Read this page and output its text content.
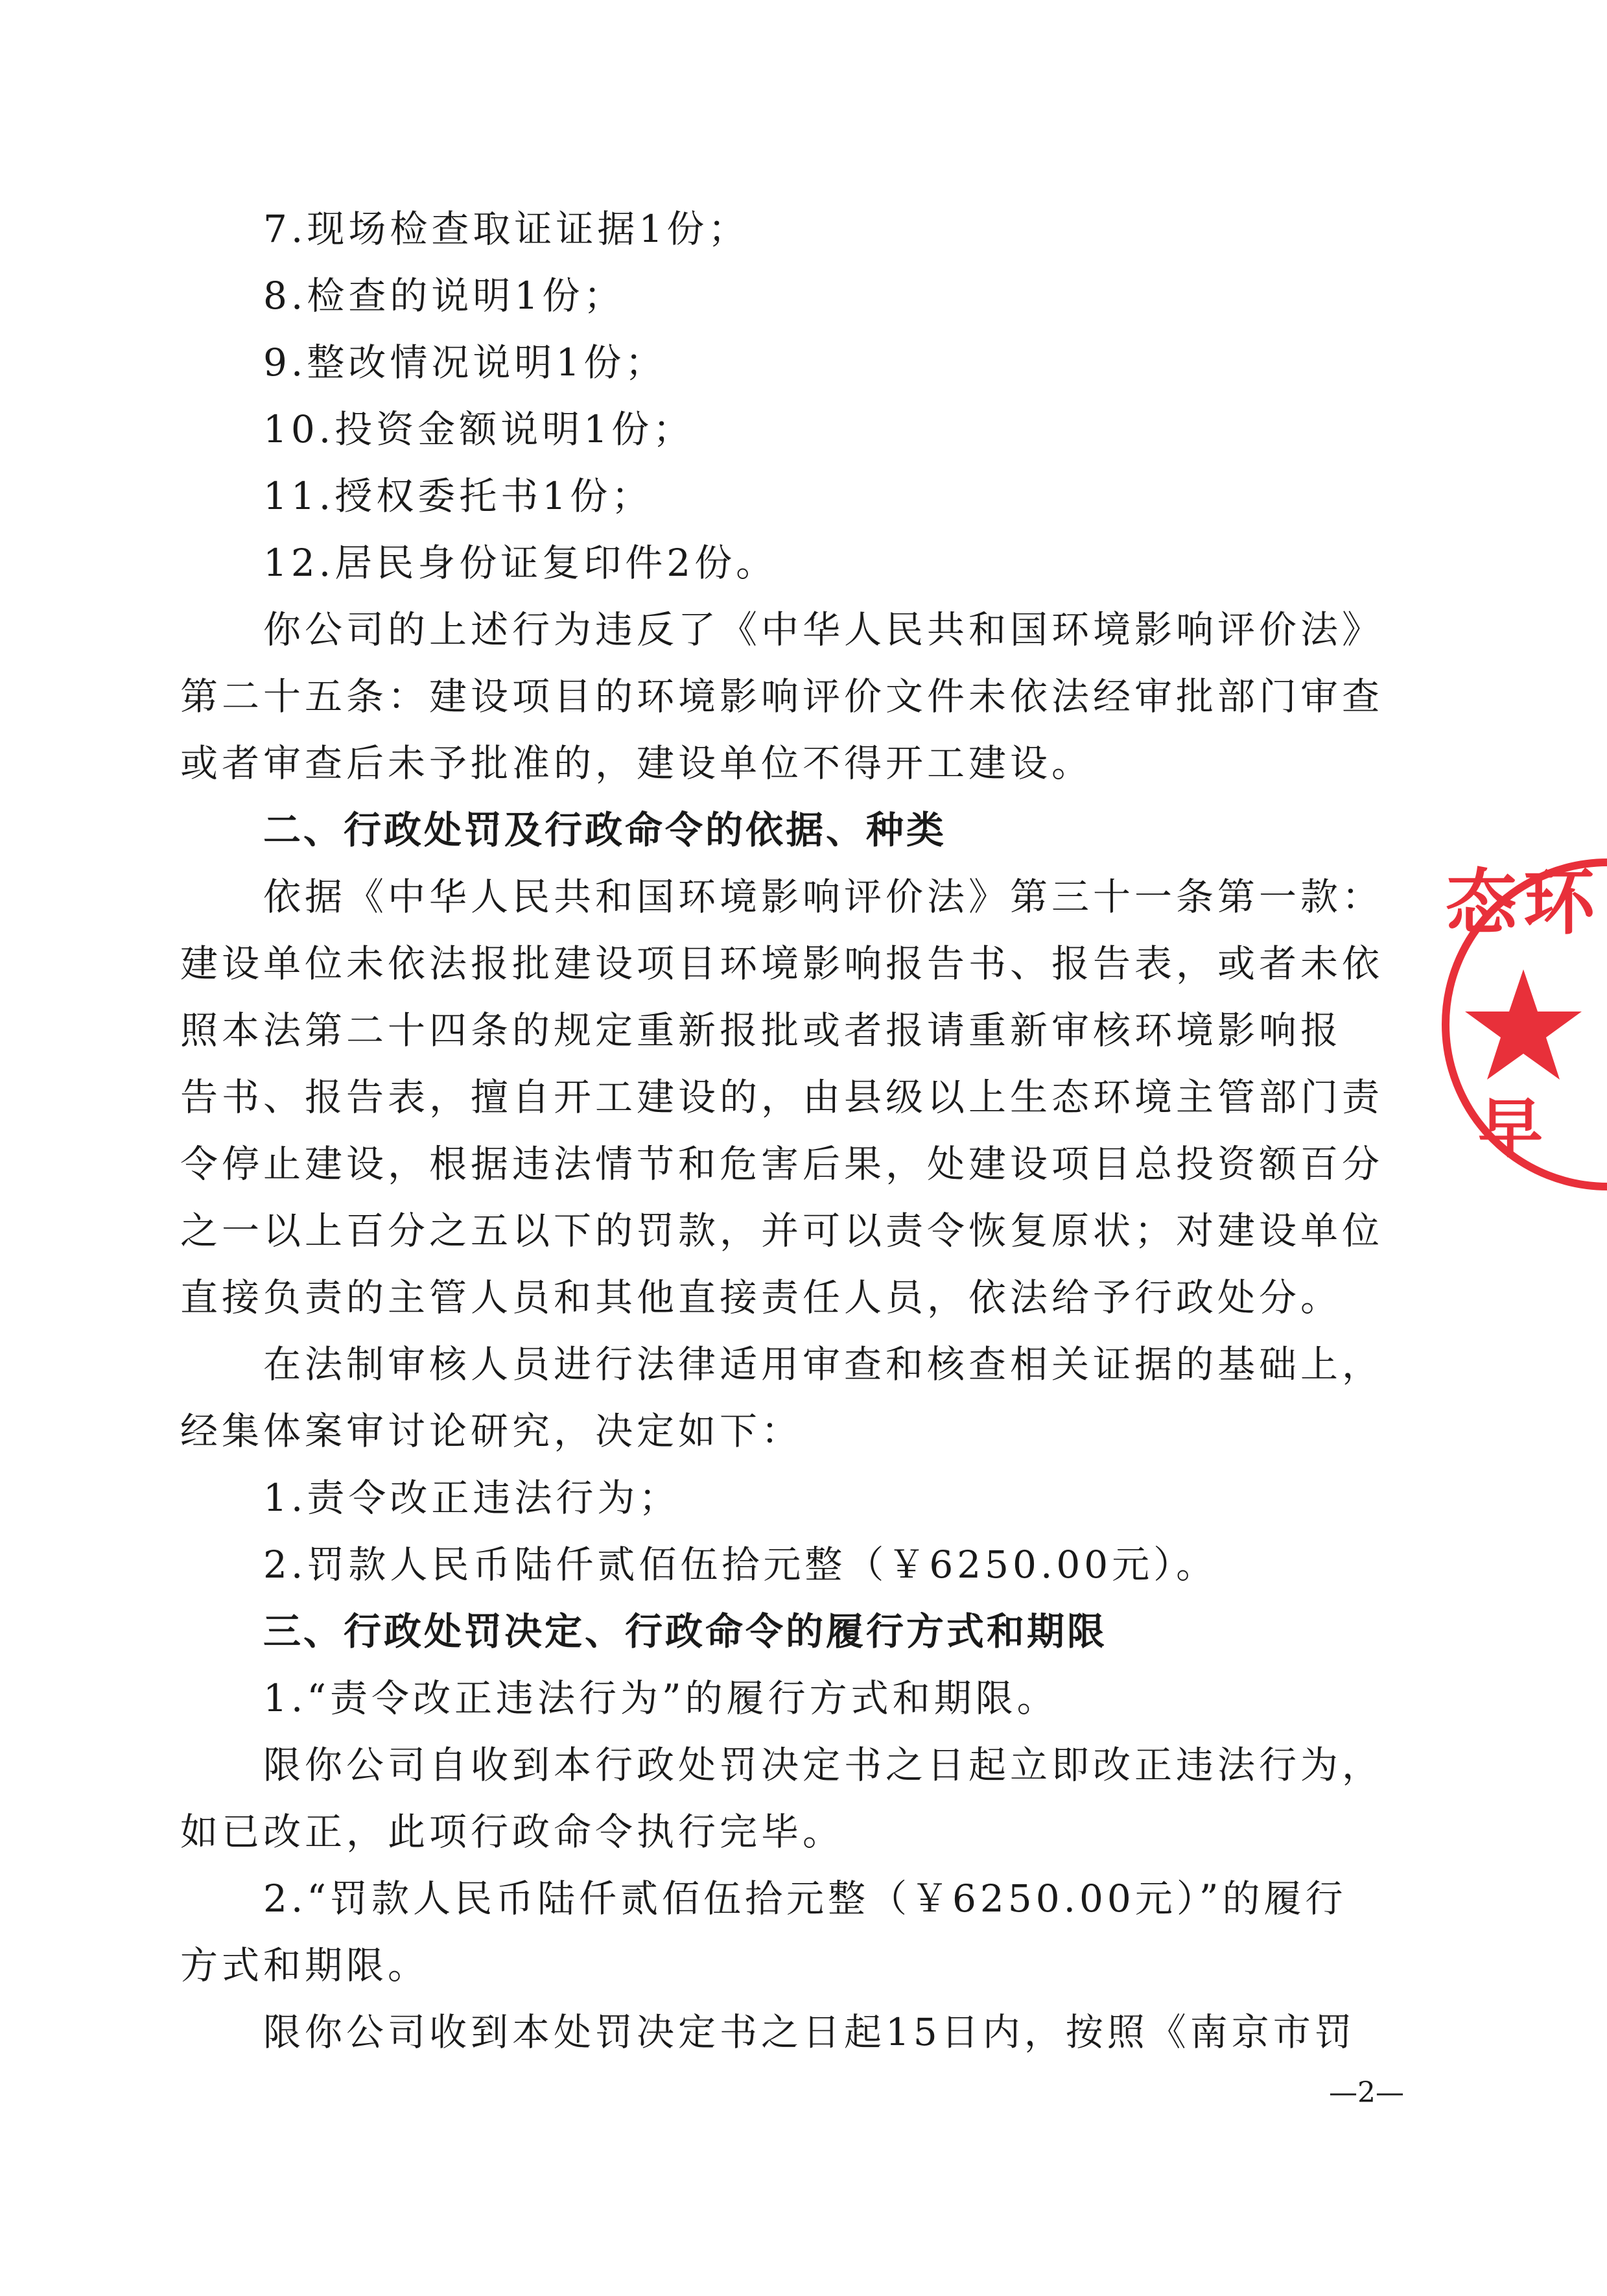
7.现场检查取证证据1份；
8.检查的说明1份；
9.整改情况说明1份；
10.投资金额说明1份；
11.授权委托书1份；
12.居民身份证复印件2份。
你公司的上述行为违反了《中华人民共和国环境影响评价法》
第二十五条：建设项目的环境影响评价文件未依法经审批部门审查
或者审查后未予批准的，建设单位不得开工建设。
二、行政处罚及行政命令的依据、种类
依据《中华人民共和国环境影响评价法》第三十一条第一款：
建设单位未依法报批建设项目环境影响报告书、报告表，或者未依
照本法第二十四条的规定重新报批或者报请重新审核环境影响报
告书、报告表，擅自开工建设的，由县级以上生态环境主管部门责
令停止建设，根据违法情节和危害后果，处建设项目总投资额百分
之一以上百分之五以下的罚款，并可以责令恢复原状；对建设单位
直接负责的主管人员和其他直接责任人员，依法给予行政处分。
在法制审核人员进行法律适用审查和核查相关证据的基础上，
经集体案审讨论研究，决定如下：
1.责令改正违法行为；
2.罚款人民币陆仟贰佰伍拾元整（￥6250.00元）。
三、行政处罚决定、行政命令的履行方式和期限
1.“责令改正违法行为”的履行方式和期限。
限你公司自收到本行政处罚决定书之日起立即改正违法行为，
如已改正，此项行政命令执行完毕。
2.“罚款人民币陆仟贰佰伍拾元整（￥6250.00元）”的履行
方式和期限。
限你公司收到本处罚决定书之日起15日内，按照《南京市罚
态环
早
—2—
